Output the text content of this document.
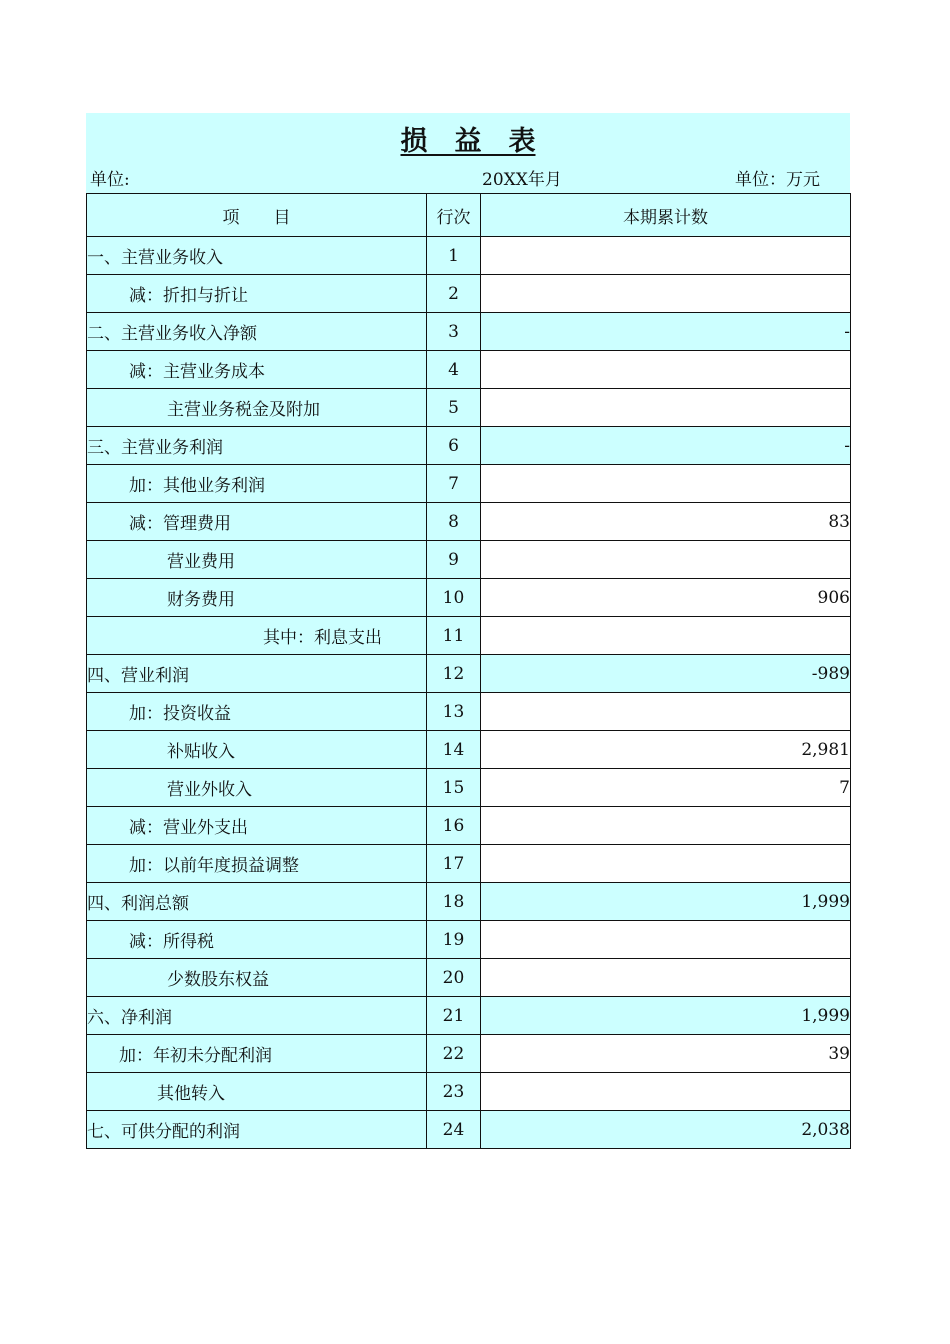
损　益　表
单位:	20XX年月	单位：万元
项　　目	行次	本期累计数
一、主营业务收入	1	
减：折扣与折让	2	
二、主营业务收入净额	3	-
减：主营业务成本	4	
主营业务税金及附加	5	
三、主营业务利润	6	-
加：其他业务利润	7	
减：管理费用	8	83
营业费用	9	
财务费用	10	906
其中：利息支出	11	
四、营业利润	12	-989
加：投资收益	13	
补贴收入	14	2,981
营业外收入	15	7
减：营业外支出	16	
加：以前年度损益调整	17	
四、利润总额	18	1,999
减：所得税	19	
少数股东权益	20	
六、净利润	21	1,999
加：年初未分配利润	22	39
其他转入	23	
七、可供分配的利润	24	2,038
